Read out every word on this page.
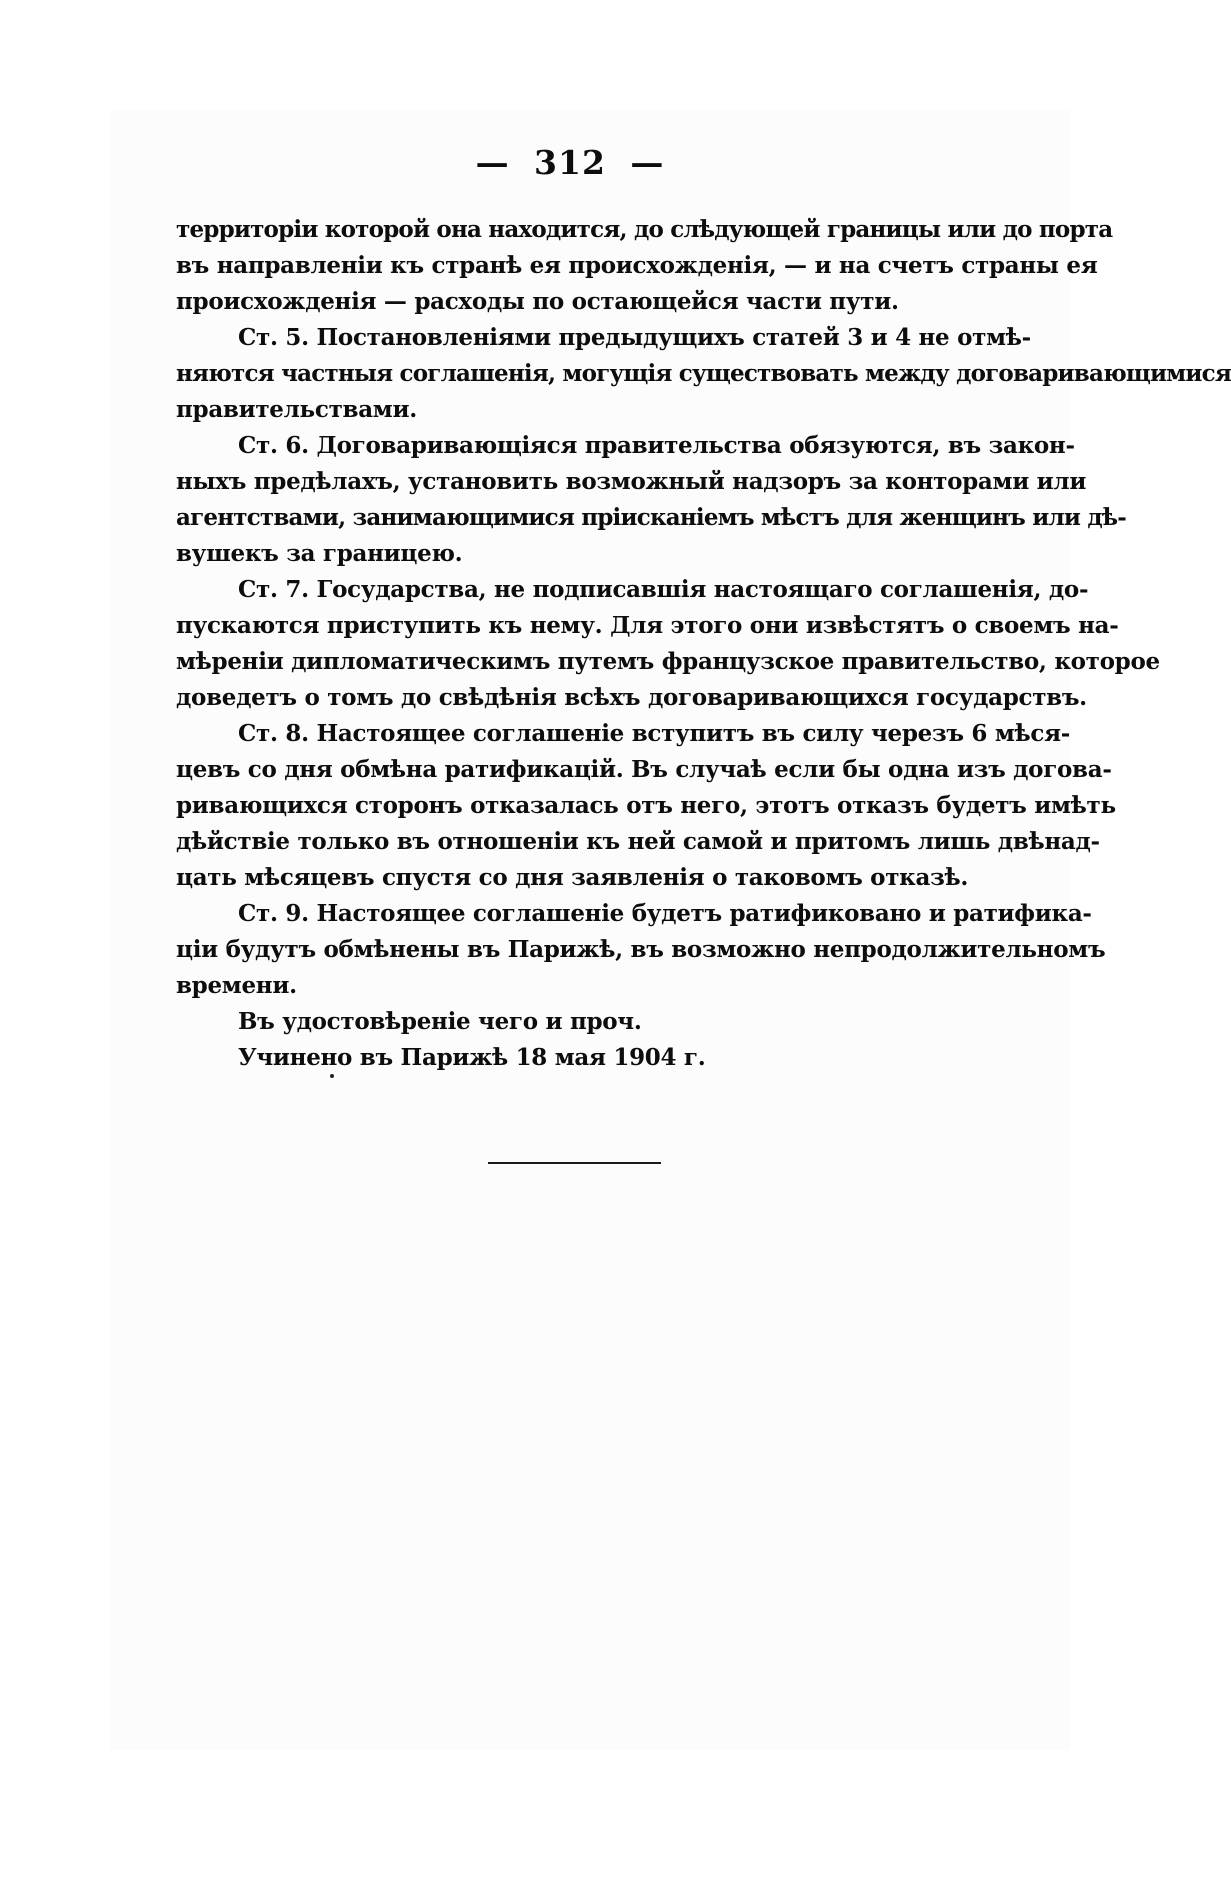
— 312 —
территоріи которой она находится, до слѣдующей границы или до порта
въ направленіи къ странѣ ея происхожденія, — и на счетъ страны ея
происхожденія — расходы по остающейся части пути.
Ст. 5. Постановленіями предыдущихъ статей 3 и 4 не отмѣ-
няются частныя соглашенія, могущія существовать между договаривающимися
правительствами.
Ст. 6. Договаривающіяся правительства обязуются, въ закон-
ныхъ предѣлахъ, установить возможный надзоръ за конторами или
агентствами, занимающимися пріисканіемъ мѣстъ для женщинъ или дѣ-
вушекъ за границею.
Ст. 7. Государства, не подписавшія настоящаго соглашенія, до-
пускаются приступить къ нему. Для этого они извѣстятъ о своемъ на-
мѣреніи дипломатическимъ путемъ французское правительство, которое
доведетъ о томъ до свѣдѣнія всѣхъ договаривающихся государствъ.
Ст. 8. Настоящее соглашеніе вступитъ въ силу черезъ 6 мѣся-
цевъ со дня обмѣна ратификацій. Въ случаѣ если бы одна изъ догова-
ривающихся сторонъ отказалась отъ него, этотъ отказъ будетъ имѣть
дѣйствіе только въ отношеніи къ ней самой и притомъ лишь двѣнад-
цать мѣсяцевъ спустя со дня заявленія о таковомъ отказѣ.
Ст. 9. Настоящее соглашеніе будетъ ратификовано и ратифика-
ціи будутъ обмѣнены въ Парижѣ, въ возможно непродолжительномъ
времени.
Въ удостовѣреніе чего и проч.
Учинено въ Парижѣ 18 мая 1904 г.
